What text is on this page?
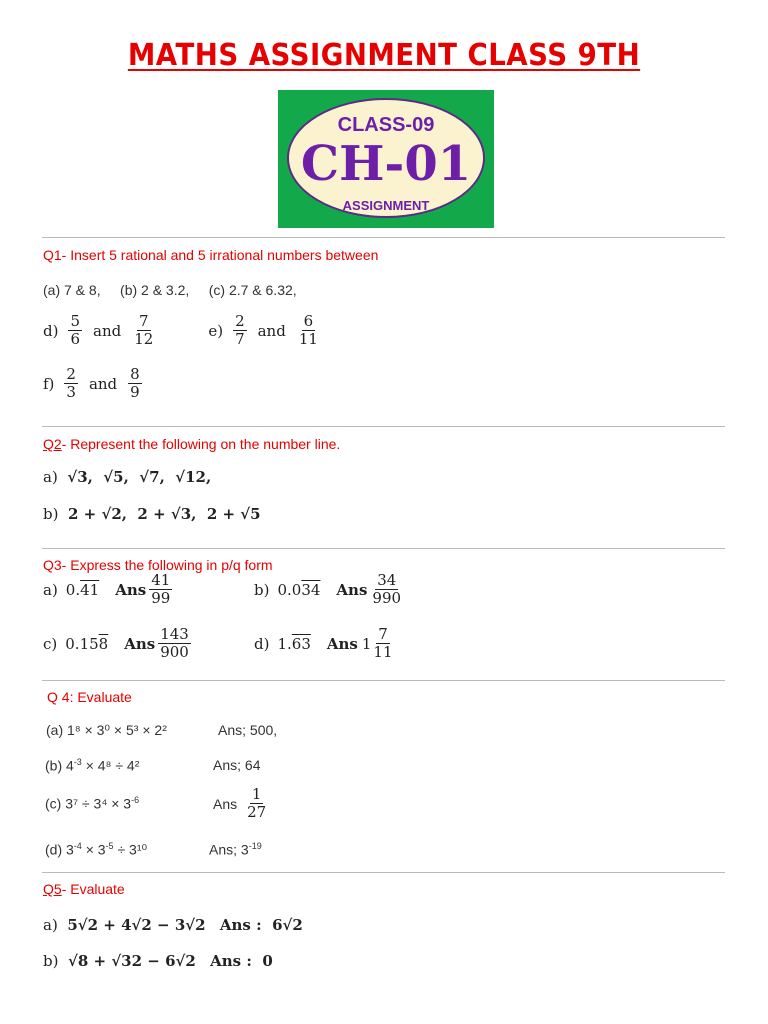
MATHS ASSIGNMENT CLASS 9TH
CLASS-09
CH-01
ASSIGNMENT
Q1- Insert 5 rational and 5 irrational numbers between
(a) 7 & 8,     (b) 2 & 3.2,     (c) 2.7 & 6.32,
$d) \frac{5}{6}$ and $\frac{7}{12}$	$e) \frac{2}{7}$ and $\frac{6}{11}$
$f) \frac{2}{3}$ and $\frac{8}{9}$
Q2- Represent the following on the number line.
a) √3,  √5,  √7,  √12,
b) 2 + √2,  2 + √3,  2 + √5
Q3- Express the following in p/q form
a) 0.41 Ans $\frac{41}{99}$	b) 0.034 Ans $\frac{34}{990}$
c) 0.158 Ans $\frac{143}{900}$	d) 1.63 Ans $1 \frac{7}{11}$
Q 4: Evaluate
(a) 1⁸ × 3⁰ × 5³ × 2²	Ans; 500,
(b) $4^{-3} \times 4^8 \div 4^2$	Ans; 64
(c) $3^7 \div 3^4 \times 3^{-6}$	Ans $\frac{1}{27}$
(d) $3^{-4} \times 3^{-5} \div 3^{10}$	Ans; $3^{-19}$
Q5- Evaluate
a) 5√2 + 4√2 − 3√2 Ans :  6√2
b) √8 + √32 − 6√2 Ans :  0
